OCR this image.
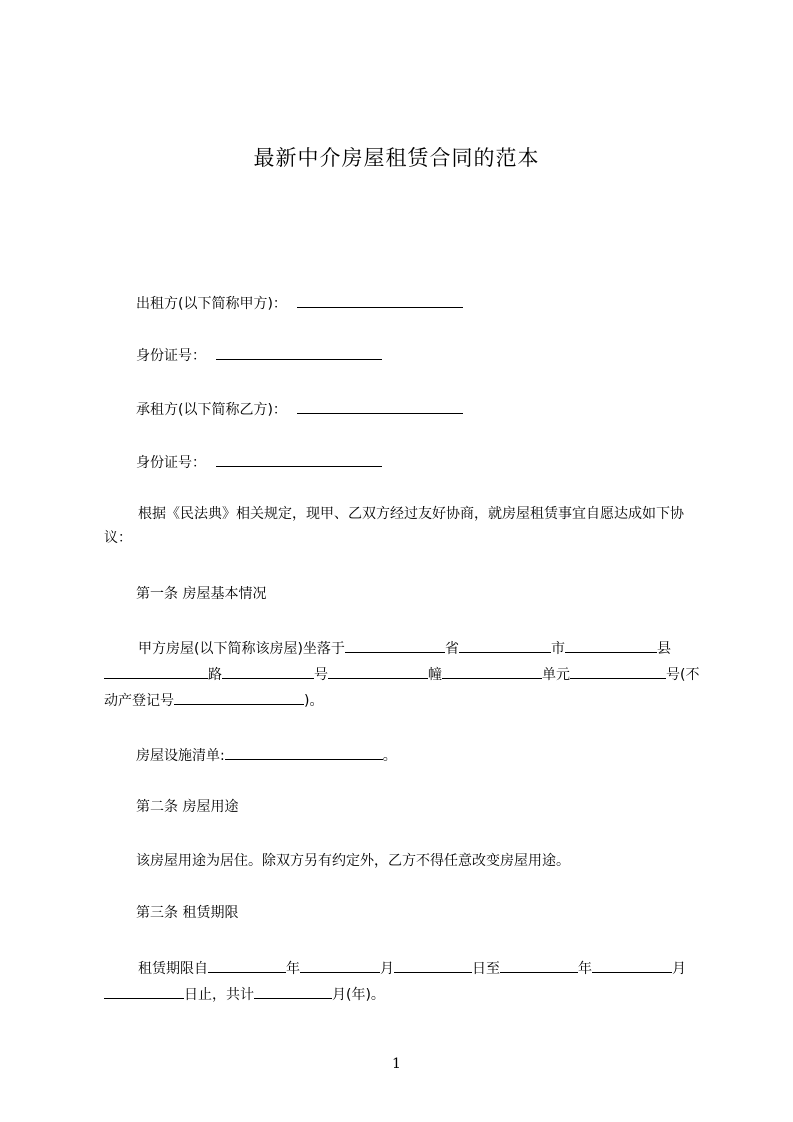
最新中介房屋租赁合同的范本
出租方(以下简称甲方)：
身份证号：
承租方(以下简称乙方)：
身份证号：
根据《民法典》相关规定，现甲、乙双方经过友好协商，就房屋租赁事宜自愿达成如下协议：
第一条 房屋基本情况
甲方房屋(以下简称该房屋)坐落于	省	市	县路	号	幢	单元	号(不动产登记号	)。
房屋设施清单:	。
第二条 房屋用途
该房屋用途为居住。除双方另有约定外，乙方不得任意改变房屋用途。
第三条 租赁期限
租赁期限自	年	月	日至	年	月日止，共计	月(年)。
1
